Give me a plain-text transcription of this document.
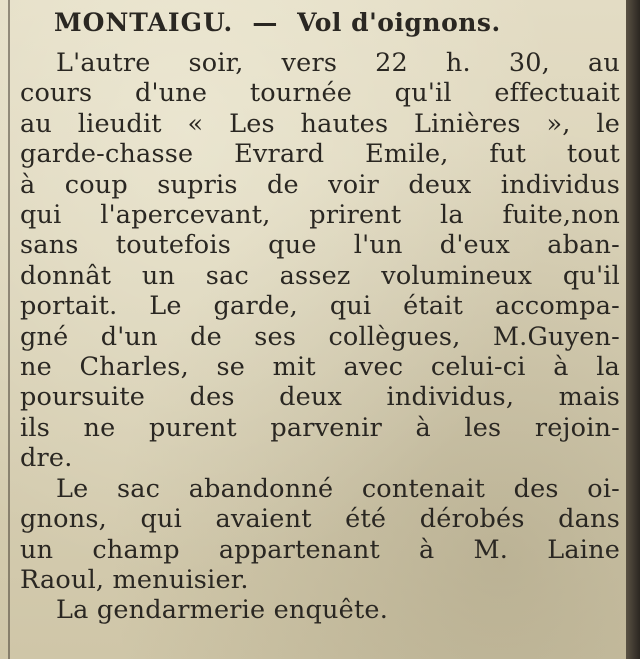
MONTAIGU. — Vol d'oignons.
L'autre soir, vers 22 h. 30, au
cours d'une tournée qu'il effectuait
au lieudit « Les hautes Linières », le
garde-chasse Evrard Emile, fut tout
à coup supris de voir deux individus
qui l'apercevant, prirent la fuite,non
sans toutefois que l'un d'eux aban-
donnât un sac assez volumineux qu'il
portait. Le garde, qui était accompa-
gné d'un de ses collègues, M.Guyen-
ne Charles, se mit avec celui-ci à la
poursuite des deux individus, mais
ils ne purent parvenir à les rejoin-
dre.
Le sac abandonné contenait des oi-
gnons, qui avaient été dérobés dans
un champ appartenant à M. Laine
Raoul, menuisier.
La gendarmerie enquête.
